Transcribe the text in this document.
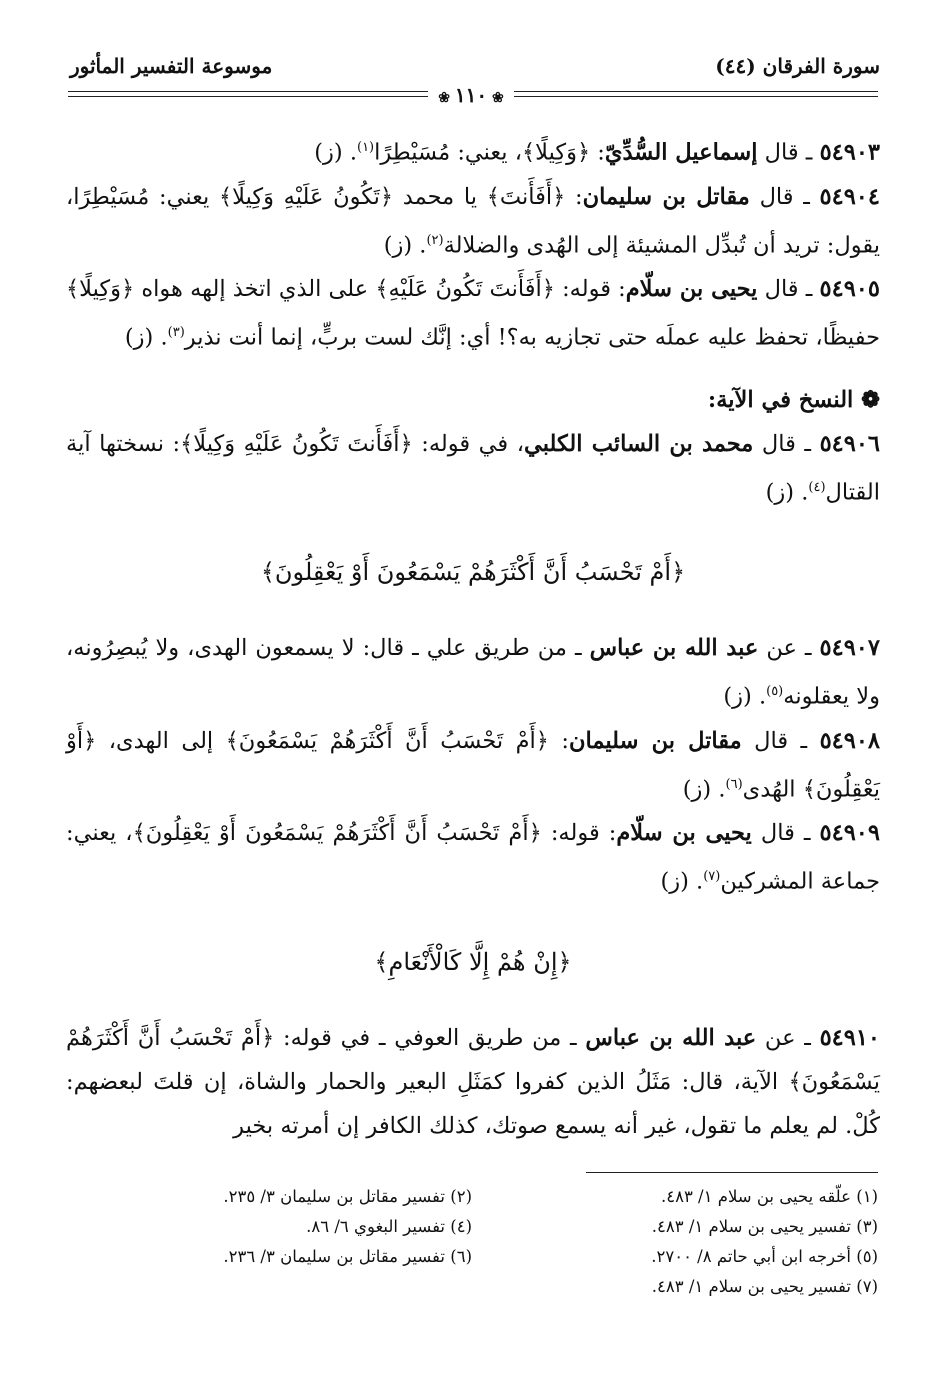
سورة الفرقان (٤٤)
موسوعة التفسير المأثور
❀ ١١٠ ❀

٥٤٩٠٣ ـ قال إسماعيل السُّدِّيّ: ﴿وَكِيلًا﴾، يعني: مُسَيْطِرًا$^{(١)}$. (ز)

٥٤٩٠٤ ـ قال مقاتل بن سليمان: ﴿أَفَأَنتَ﴾ يا محمد ﴿تَكُونُ عَلَيْهِ وَكِيلًا﴾ يعني: مُسَيْطِرًا، يقول: تريد أن تُبدِّل المشيئة إلى الهُدى والضلالة$^{(٢)}$. (ز)

٥٤٩٠٥ ـ قال يحيى بن سلّام: قوله: ﴿أَفَأَنتَ تَكُونُ عَلَيْهِ﴾ على الذي اتخذ إلهه هواه ﴿وَكِيلًا﴾ حفيظًا، تحفظ عليه عملَه حتى تجازيه به؟! أي: إنَّك لست بربٍّ، إنما أنت نذير$^{(٣)}$. (ز)

❁ النسخ في الآية:

٥٤٩٠٦ ـ قال محمد بن السائب الكلبي، في قوله: ﴿أَفَأَنتَ تَكُونُ عَلَيْهِ وَكِيلًا﴾: نسختها آية القتال$^{(٤)}$. (ز)

﴿أَمْ تَحْسَبُ أَنَّ أَكْثَرَهُمْ يَسْمَعُونَ أَوْ يَعْقِلُونَ﴾

٥٤٩٠٧ ـ عن عبد الله بن عباس ـ من طريق علي ـ قال: لا يسمعون الهدى، ولا يُبصِرُونه، ولا يعقلونه$^{(٥)}$. (ز)

٥٤٩٠٨ ـ قال مقاتل بن سليمان: ﴿أَمْ تَحْسَبُ أَنَّ أَكْثَرَهُمْ يَسْمَعُونَ﴾ إلى الهدى، ﴿أَوْ يَعْقِلُونَ﴾ الهُدى$^{(٦)}$. (ز)

٥٤٩٠٩ ـ قال يحيى بن سلّام: قوله: ﴿أَمْ تَحْسَبُ أَنَّ أَكْثَرَهُمْ يَسْمَعُونَ أَوْ يَعْقِلُونَ﴾، يعني: جماعة المشركين$^{(٧)}$. (ز)

﴿إِنْ هُمْ إِلَّا كَالْأَنْعَامِ﴾

٥٤٩١٠ ـ عن عبد الله بن عباس ـ من طريق العوفي ـ في قوله: ﴿أَمْ تَحْسَبُ أَنَّ أَكْثَرَهُمْ يَسْمَعُونَ﴾ الآية، قال: مَثَلُ الذين كفروا كمَثَلِ البعير والحمار والشاة، إن قلتَ لبعضهم: كُلْ. لم يعلم ما تقول، غير أنه يسمع صوتك، كذلك الكافر إن أمرته بخير

(١) علّقه يحيى بن سلام ١/ ٤٨٣.
(٣) تفسير يحيى بن سلام ١/ ٤٨٣.
(٥) أخرجه ابن أبي حاتم ٨/ ٢٧٠٠.
(٧) تفسير يحيى بن سلام ١/ ٤٨٣.
(٢) تفسير مقاتل بن سليمان ٣/ ٢٣٥.
(٤) تفسير البغوي ٦/ ٨٦.
(٦) تفسير مقاتل بن سليمان ٣/ ٢٣٦.
